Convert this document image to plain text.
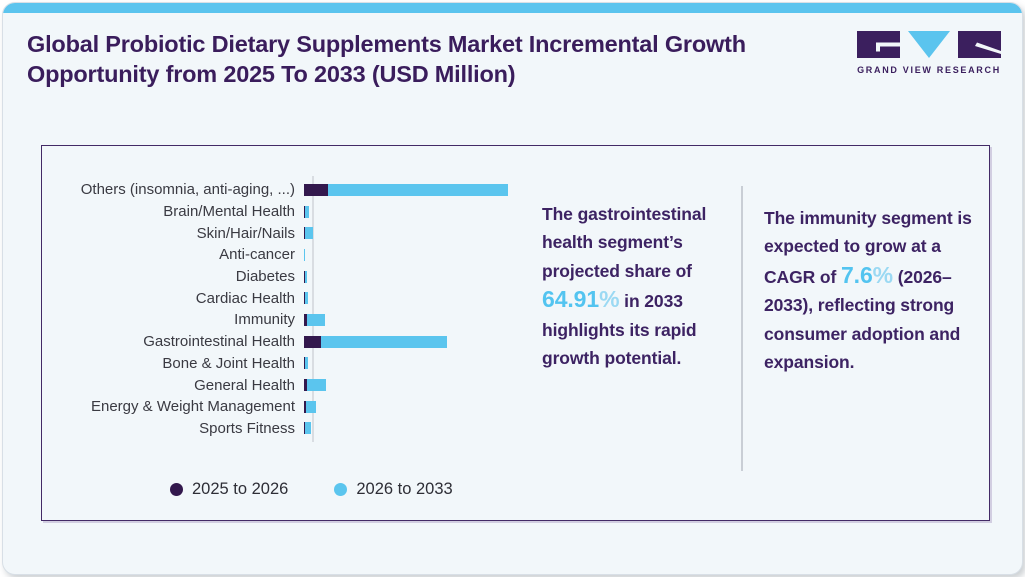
Global Probiotic Dietary Supplements Market Incremental Growth Opportunity from 2025 To 2033 (USD Million)	GRAND VIEW RESEARCH
Others (insomnia, anti-aging, ...)
Brain/Mental Health
Skin/Hair/Nails
Anti-cancer
Diabetes
Cardiac Health
Immunity
Gastrointestinal Health
Bone & Joint Health
General Health
Energy & Weight Management
Sports Fitness
2025 to 2026	2026 to 2033
The gastrointestinal health segment’s projected share of 64.91% in 2033 highlights its rapid growth potential.
The immunity segment is expected to grow at a CAGR of 7.6% (2026–2033), reflecting strong consumer adoption and expansion.
